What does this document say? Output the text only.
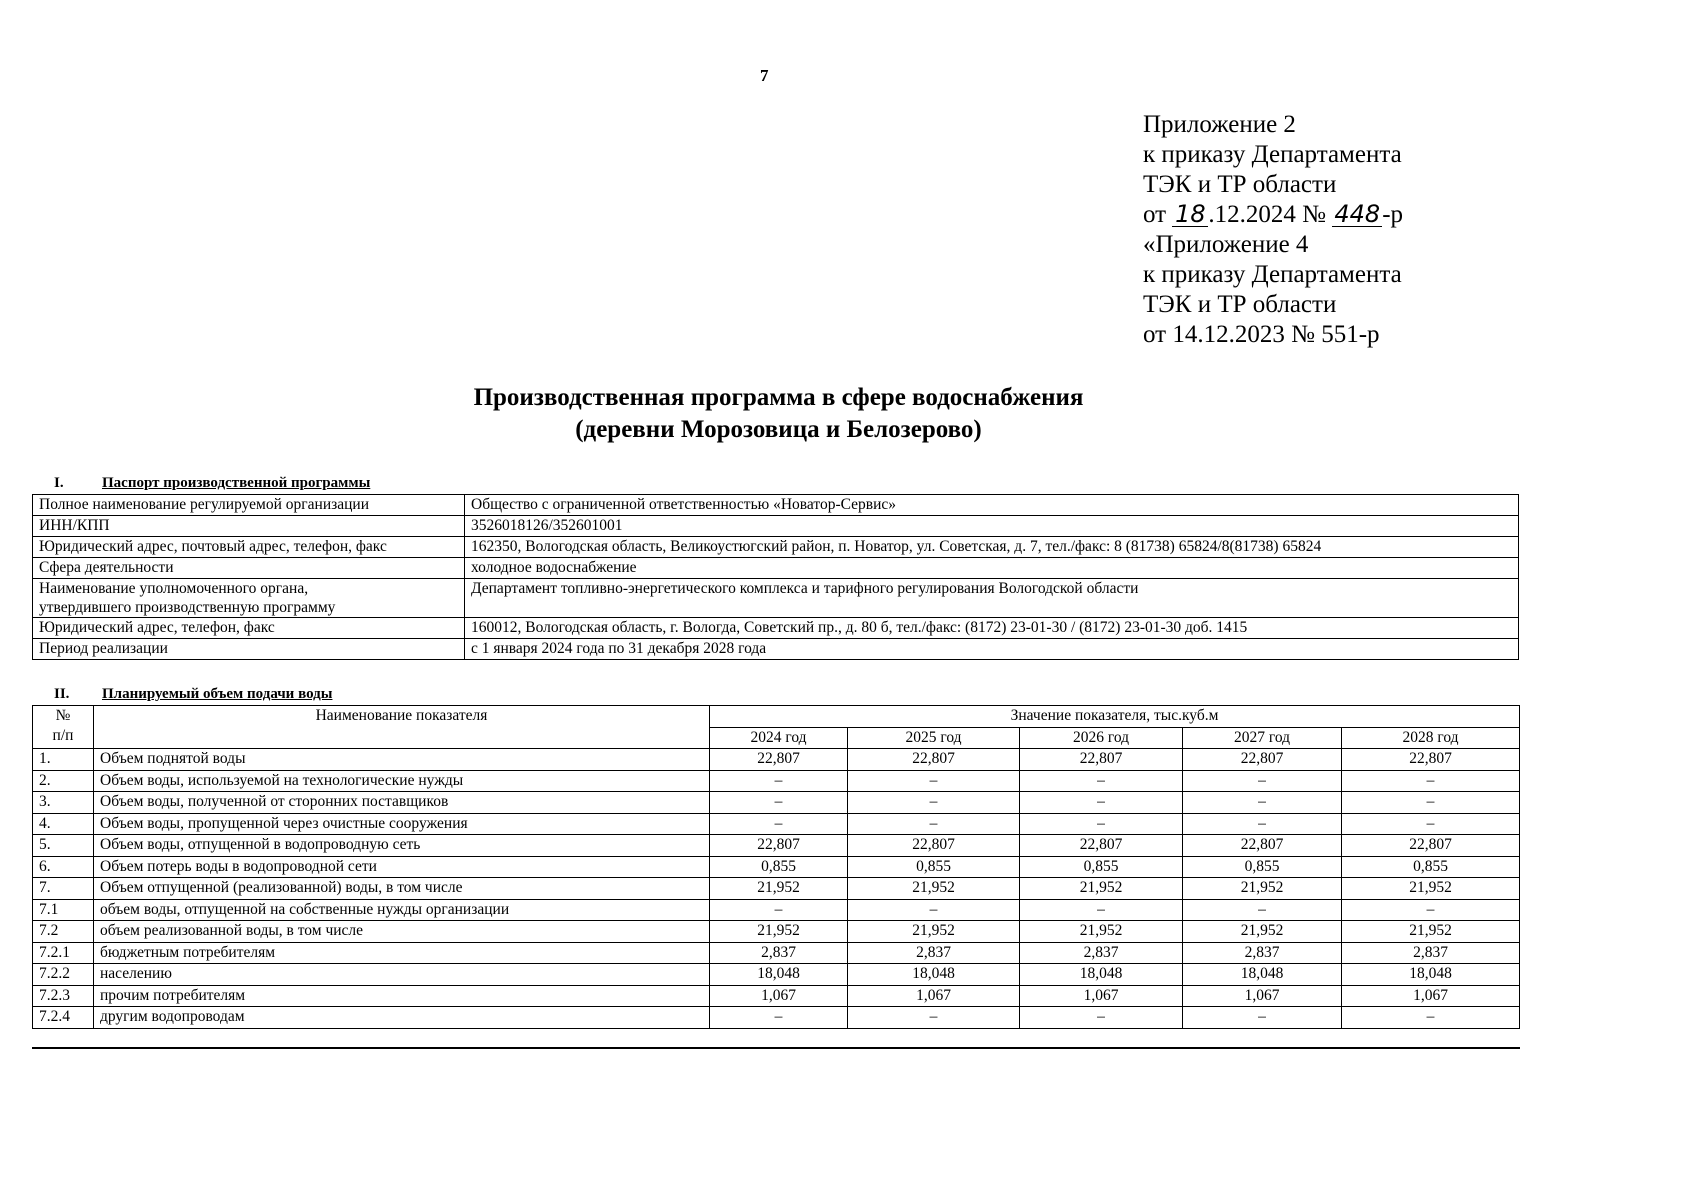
7
Приложение 2
к приказу Департамента
ТЭК и ТР области
от 18 .12.2024 № 448-р
«Приложение 4
к приказу Департамента
ТЭК и ТР области
от 14.12.2023 № 551-р
Производственная программа в сфере водоснабжения
(деревни Морозовица и Белозерово)
I.	Паспорт производственной программы
Полное наименование регулируемой организации	Общество с ограниченной ответственностью «Новатор-Сервис»

ИНН/КПП	3526018126/352601001

Юридический адрес, почтовый адрес, телефон, факс	162350, Вологодская область, Великоустюгский район, п. Новатор, ул. Советская, д. 7, тел./факс: 8 (81738) 65824/8(81738) 65824

Сфера деятельности	холодное водоснабжение

Наименование уполномоченного органа,
утвердившего производственную программу	Департамент топливно-энергетического комплекса и тарифного регулирования Вологодской области

Юридический адрес, телефон, факс	160012, Вологодская область, г. Вологда, Советский пр., д. 80 б, тел./факс: (8172) 23-01-30 / (8172) 23-01-30 доб. 1415

Период реализации	с 1 января 2024 года по 31 декабря 2028 года
II. Планируемый объем подачи воды
№
п/п	Наименование показателя	Значение показателя, тыс.куб.м				
		2024 год	2025 год	2026 год	2027 год	2028 год
1.	Объем поднятой воды	22,807	22,807	22,807	22,807	22,807
2.	Объем воды, используемой на технологические нужды	–	–	–	–	–
3.	Объем воды, полученной от сторонних поставщиков	–	–	–	–	–
4.	Объем воды, пропущенной через очистные сооружения	–	–	–	–	–
5.	Объем воды, отпущенной в водопроводную сеть	22,807	22,807	22,807	22,807	22,807
6.	Объем потерь воды в водопроводной сети	0,855	0,855	0,855	0,855	0,855
7.	Объем отпущенной (реализованной) воды, в том числе	21,952	21,952	21,952	21,952	21,952
7.1	объем воды, отпущенной на собственные нужды организации	–	–	–	–	–
7.2	объем реализованной воды, в том числе	21,952	21,952	21,952	21,952	21,952
7.2.1	бюджетным потребителям	2,837	2,837	2,837	2,837	2,837
7.2.2	населению	18,048	18,048	18,048	18,048	18,048
7.2.3	прочим потребителям	1,067	1,067	1,067	1,067	1,067
7.2.4	другим водопроводам	–	–	–	–	–
